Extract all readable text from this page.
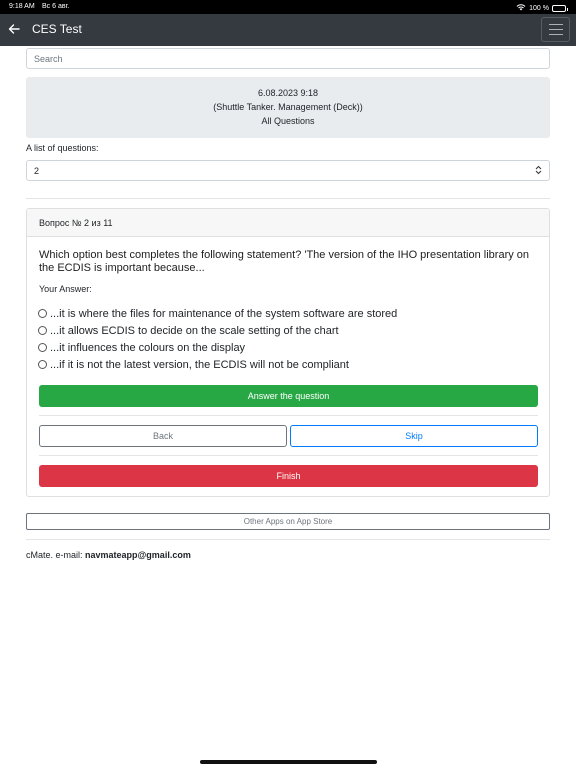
9:18 AM Вс 6 авг.	100 %
CES Test
Search
6.08.2023 9:18
(Shuttle Tanker. Management (Deck))
All Questions
A list of questions:
2
Вопрос № 2 из 11
Which option best completes the following statement? 'The version of the IHO presentation library on the ECDIS is important because...
Your Answer:
...it is where the files for maintenance of the system software are stored
...it allows ECDIS to decide on the scale setting of the chart
...it influences the colours on the display
...if it is not the latest version, the ECDIS will not be compliant
Answer the question
Back	Skip
Finish
Other Apps on App Store
cMate. e-mail: navmateapp@gmail.com
